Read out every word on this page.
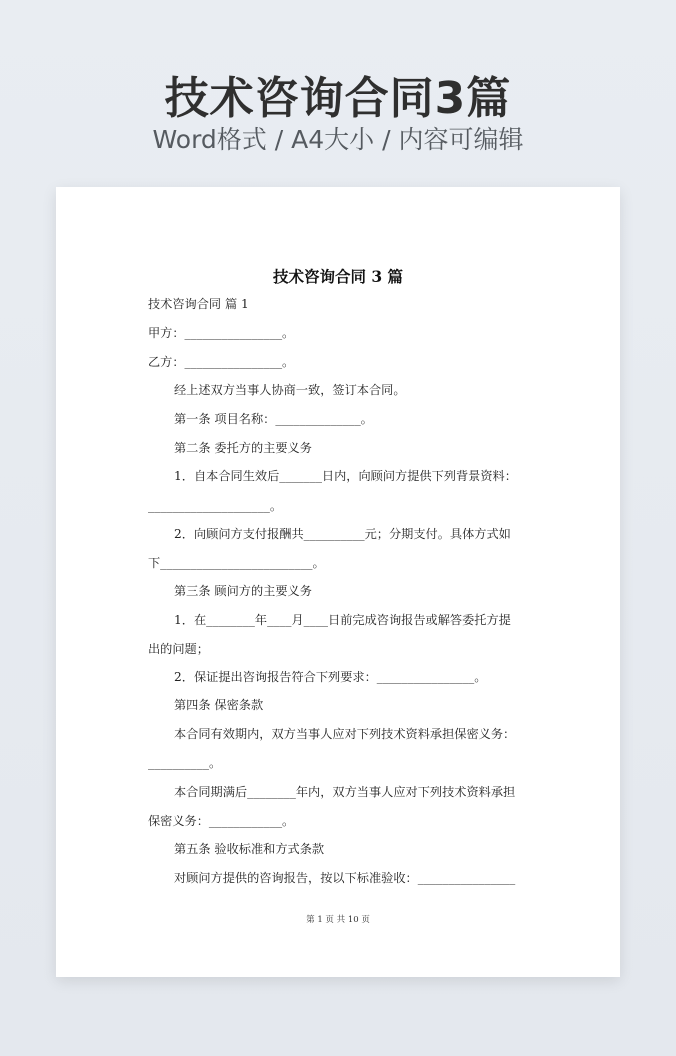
技术咨询合同3篇
Word格式 / A4大小 / 内容可编辑
技术咨询合同 3 篇
技术咨询合同 篇 1
甲方：________________。
乙方：________________。
经上述双方当事人协商一致，签订本合同。
第一条 项目名称：______________。
第二条 委托方的主要义务
1．自本合同生效后_______日内，向顾问方提供下列背景资料：
____________________。
2．向顾问方支付报酬共__________元；分期支付。具体方式如
下_________________________。
第三条 顾问方的主要义务
1．在________年____月____日前完成咨询报告或解答委托方提
出的问题；
2．保证提出咨询报告符合下列要求：________________。
第四条 保密条款
本合同有效期内，双方当事人应对下列技术资料承担保密义务：
__________。
本合同期满后________年内，双方当事人应对下列技术资料承担
保密义务：____________。
第五条 验收标准和方式条款
对顾问方提供的咨询报告，按以下标准验收：________________
第 1 页 共 10 页
